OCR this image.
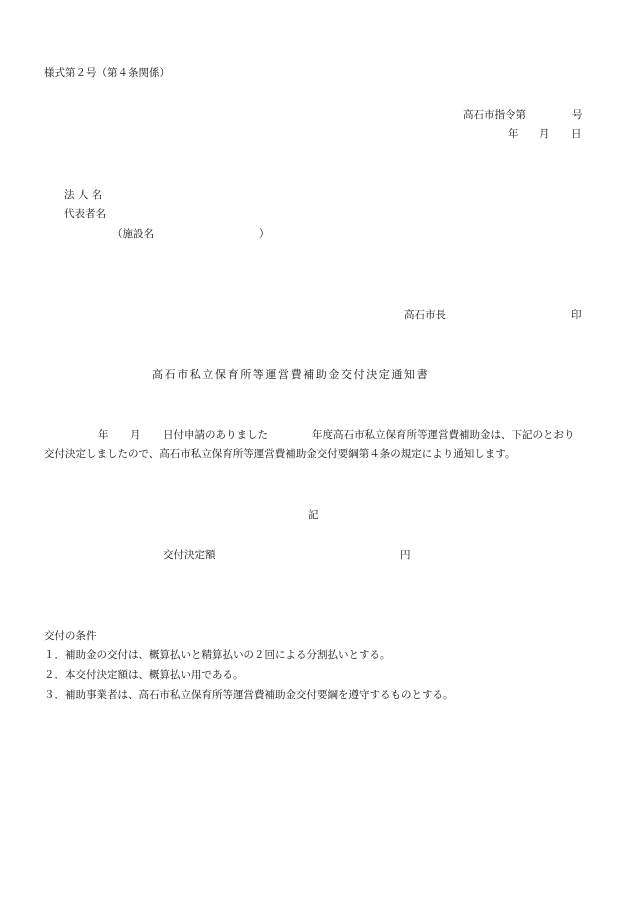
様式第２号（第４条関係）
高石市指令第	号
年 月 日
法 人 名
代表者名
（施設名	）
高石市長	印
高石市私立保育所等運営費補助金交付決定通知書
年 月 日付申請のありました	年度高石市私立保育所等運営費補助金は、下記のとおり
交付決定しましたので、高石市私立保育所等運営費補助金交付要綱第４条の規定により通知します。
記
交付決定額	円
交付の条件
１．補助金の交付は、概算払いと精算払いの２回による分割払いとする。
２．本交付決定額は、概算払い用である。
３．補助事業者は、高石市私立保育所等運営費補助金交付要綱を遵守するものとする。
